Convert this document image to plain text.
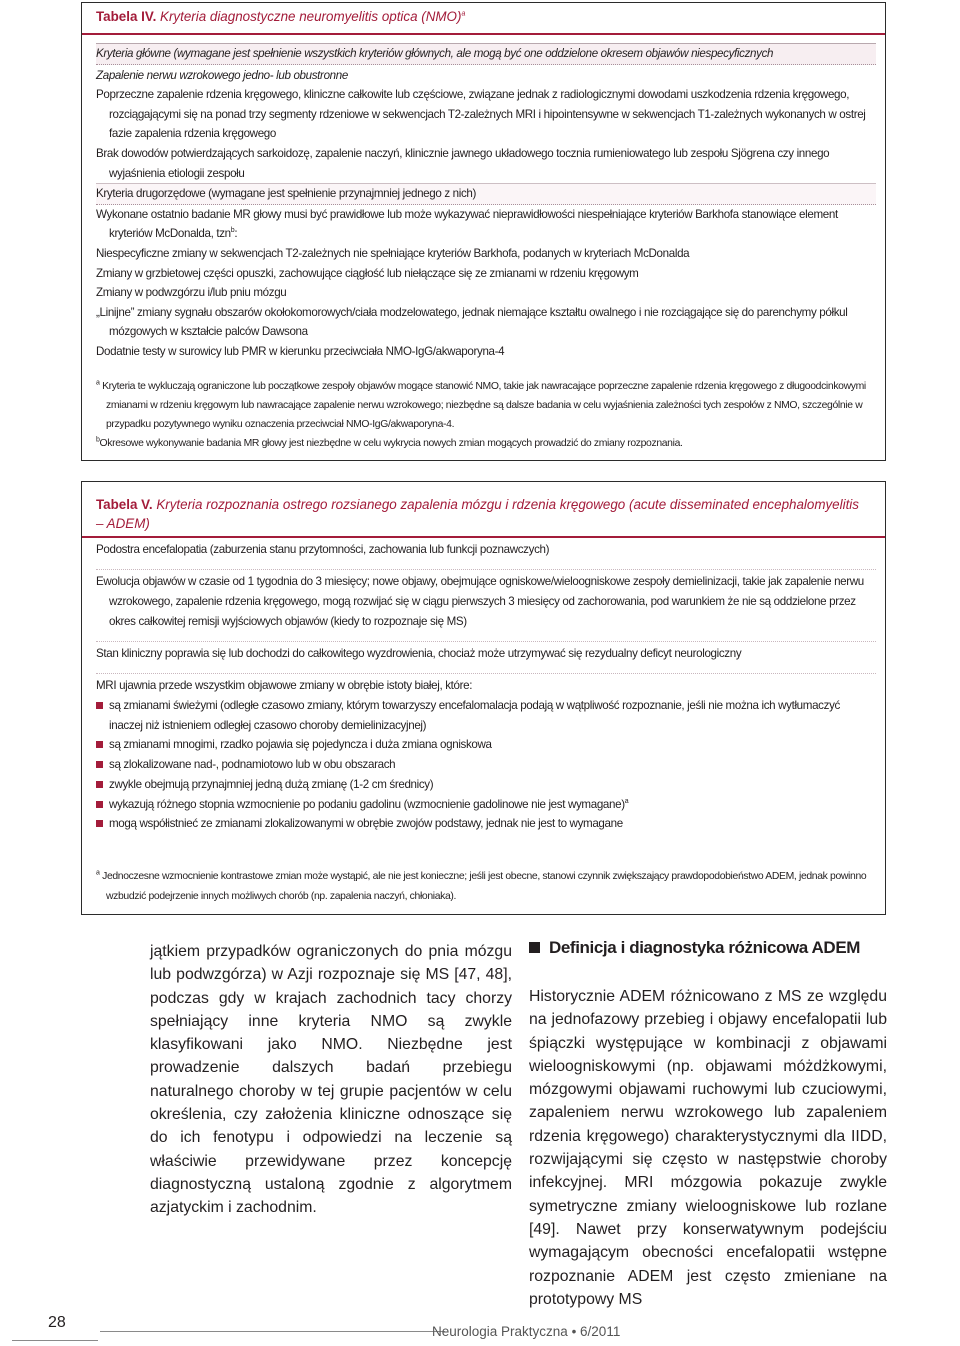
Tabela IV. Kryteria diagnostyczne neuromyelitis optica (NMO)$^a$
Kryteria główne (wymagane jest spełnienie wszystkich kryteriów głównych, ale mogą być one oddzielone okresem objawów niespecyficznych
Zapalenie nerwu wzrokowego jedno- lub obustronne
Poprzeczne zapalenie rdzenia kręgowego, kliniczne całkowite lub częściowe, związane jednak z radiologicznymi dowodami uszkodzenia rdzenia kręgowego, rozciągającymi się na ponad trzy segmenty rdzeniowe w sekwencjach T2-zależnych MRI i hipointensywne w sekwencjach T1-zależnych wykonanych w ostrej fazie zapalenia rdzenia kręgowego
Brak dowodów potwierdzających sarkoidozę, zapalenie naczyń, klinicznie jawnego układowego tocznia rumieniowatego lub zespołu Sjögrena czy innego wyjaśnienia etiologii zespołu
Kryteria drugorzędowe (wymagane jest spełnienie przynajmniej jednego z nich)
Wykonane ostatnio badanie MR głowy musi być prawidłowe lub może wykazywać nieprawidłowości niespełniające kryteriów Barkhofa stanowiące element kryteriów McDonalda, tzn$^b$:
Niespecyficzne zmiany w sekwencjach T2-zależnych nie spełniające kryteriów Barkhofa, podanych w kryteriach McDonalda
Zmiany w grzbietowej części opuszki, zachowujące ciągłość lub niełączące się ze zmianami w rdzeniu kręgowym
Zmiany w podwzgórzu i/lub pniu mózgu
„Linijne” zmiany sygnału obszarów okołokomorowych/ciała modzelowatego, jednak niemające kształtu owalnego i nie rozciągające się do parenchymy półkul mózgowych w kształcie palców Dawsona
Dodatnie testy w surowicy lub PMR w kierunku przeciwciała NMO-IgG/akwaporyna-4
$^a$ Kryteria te wykluczają ograniczone lub początkowe zespoły objawów mogące stanowić NMO, takie jak nawracające poprzeczne zapalenie rdzenia kręgowego z długoodcinkowymi zmianami w rdzeniu kręgowym lub nawracające zapalenie nerwu wzrokowego; niezbędne są dalsze badania w celu wyjaśnienia zależności tych zespołów z NMO, szczególnie w przypadku pozytywnego wyniku oznaczenia przeciwciał NMO-IgG/akwaporyna-4.
$^b$Okresowe wykonywanie badania MR głowy jest niezbędne w celu wykrycia nowych zmian mogących prowadzić do zmiany rozpoznania.
Tabela V. Kryteria rozpoznania ostrego rozsianego zapalenia mózgu i rdzenia kręgowego (acute disseminated encephalomyelitis – ADEM)
Podostra encefalopatia (zaburzenia stanu przytomności, zachowania lub funkcji poznawczych)
Ewolucja objawów w czasie od 1 tygodnia do 3 miesięcy; nowe objawy, obejmujące ogniskowe/wieloogniskowe zespoły demielinizacji, takie jak zapalenie nerwu wzrokowego, zapalenie rdzenia kręgowego, mogą rozwijać się w ciągu pierwszych 3 miesięcy od zachorowania, pod warunkiem że nie są oddzielone przez okres całkowitej remisji wyjściowych objawów (kiedy to rozpoznaje się MS)
Stan kliniczny poprawia się lub dochodzi do całkowitego wyzdrowienia, chociaż może utrzymywać się rezydualny deficyt neurologiczny
MRI ujawnia przede wszystkim objawowe zmiany w obrębie istoty białej, które:
są zmianami świeżymi (odległe czasowo zmiany, którym towarzyszy encefalomalacja podają w wątpliwość rozpoznanie, jeśli nie można ich wytłumaczyć inaczej niż istnieniem odległej czasowo choroby demielinizacyjnej)
są zmianami mnogimi, rzadko pojawia się pojedyncza i duża zmiana ogniskowa
są zlokalizowane nad-, podnamiotowo lub w obu obszarach
zwykle obejmują przynajmniej jedną dużą zmianę (1-2 cm średnicy)
wykazują różnego stopnia wzmocnienie po podaniu gadolinu (wzmocnienie gadolinowe nie jest wymagane)$^a$
mogą współistnieć ze zmianami zlokalizowanymi w obrębie zwojów podstawy, jednak nie jest to wymagane
$^a$ Jednoczesne wzmocnienie kontrastowe zmian może wystąpić, ale nie jest konieczne; jeśli jest obecne, stanowi czynnik zwiększający prawdopodobieństwo ADEM, jednak powinno wzbudzić podejrzenie innych możliwych chorób (np. zapalenia naczyń, chłoniaka).
jątkiem przypadków ograniczonych do pnia mózgu lub podwzgórza) w Azji rozpoznaje się MS [47, 48], podczas gdy w krajach zachodnich tacy chorzy spełniający inne kryteria NMO są zwykle klasyfikowani jako NMO. Niezbędne jest prowadzenie dalszych badań przebiegu naturalnego choroby w tej grupie pacjentów w celu określenia, czy założenia kliniczne odnoszące się do ich fenotypu i odpowiedzi na leczenie są właściwie przewidywane przez koncepcję diagnostyczną ustaloną zgodnie z algorytmem azjatyckim i zachodnim.
Definicja i diagnostyka różnicowa ADEM
Historycznie ADEM różnicowano z MS ze względu na jednofazowy przebieg i objawy encefalopatii lub śpiączki występujące w kombinacji z objawami wieloogniskowymi (np. objawami móżdżkowymi, mózgowymi objawami ruchowymi lub czuciowymi, zapaleniem nerwu wzrokowego lub zapaleniem rdzenia kręgowego) charakterystycznymi dla IIDD, rozwijającymi się często w następstwie choroby infekcyjnej. MRI mózgowia pokazuje zwykle symetryczne zmiany wieloogniskowe lub rozlane [49]. Nawet przy konserwatywnym podejściu wymagającym obecności encefalopatii wstępne rozpoznanie ADEM jest często zmieniane na prototypowy MS
28
Neurologia Praktyczna • 6/2011
